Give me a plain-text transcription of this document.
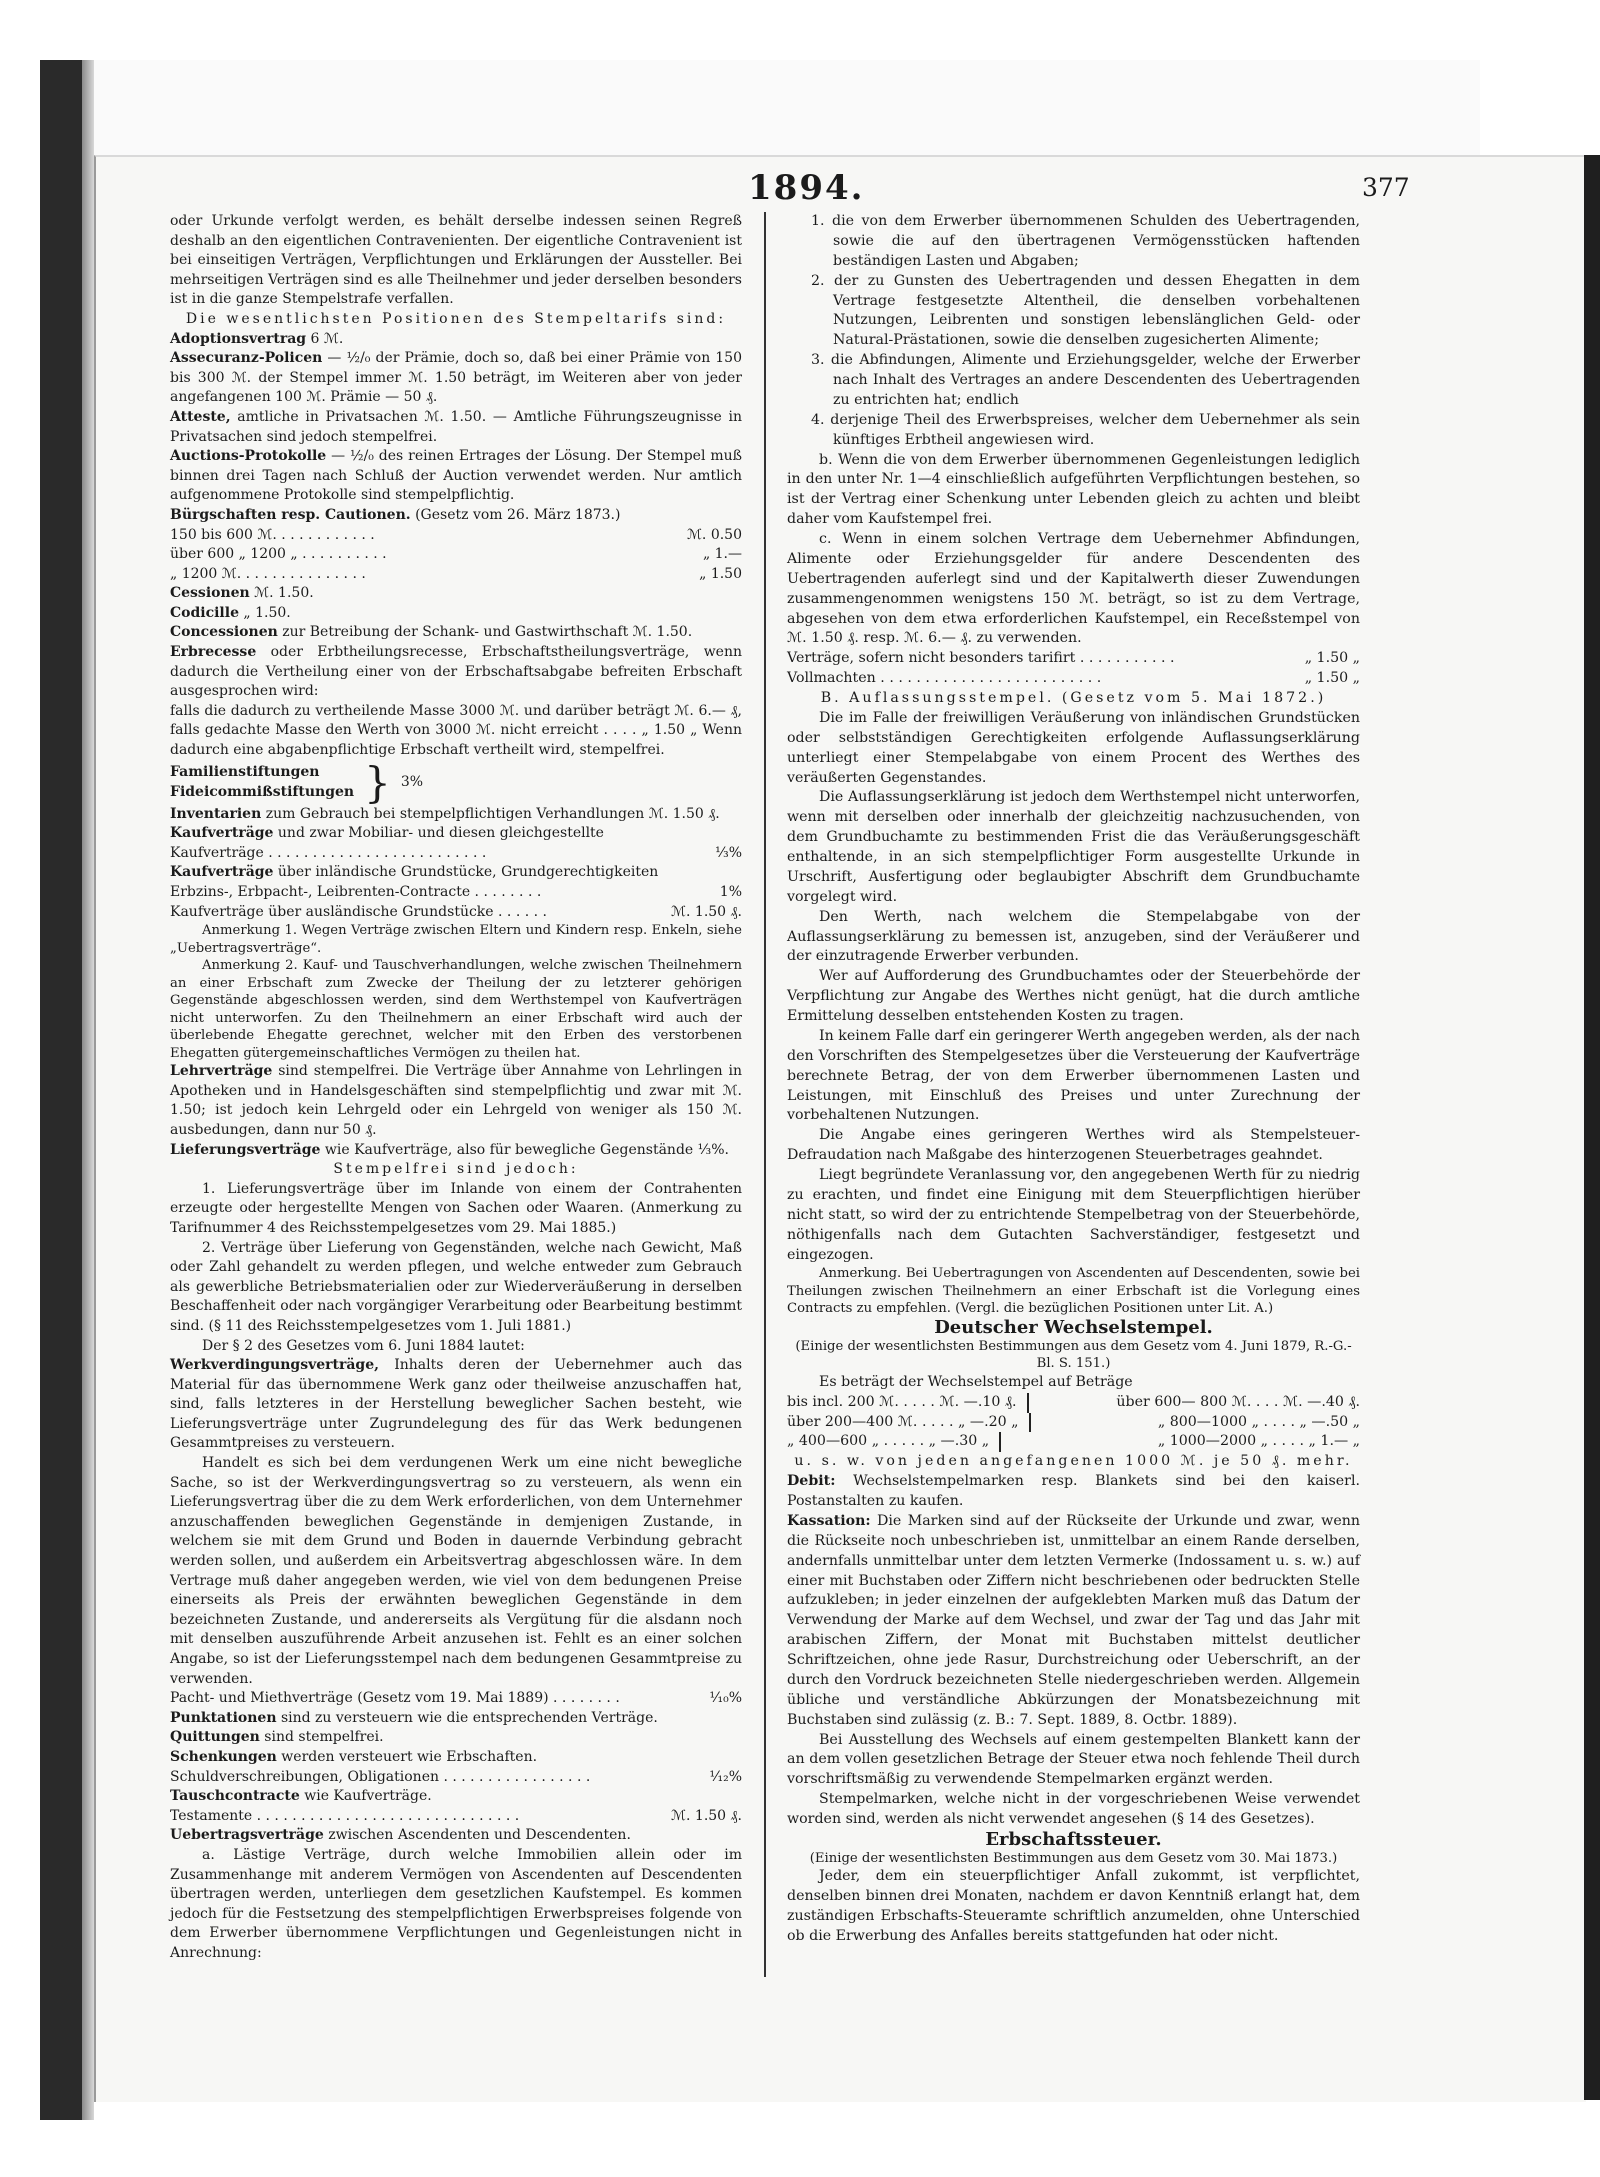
1894.	377

oder Urkunde verfolgt werden, es behält derselbe indessen seinen Regreß deshalb an den eigentlichen Contravenienten. Der eigentliche Contravenient ist bei einseitigen Verträgen, Verpflichtungen und Erklärungen der Aussteller. Bei mehrseitigen Verträgen sind es alle Theilnehmer und jeder derselben besonders ist in die ganze Stempelstrafe verfallen.

Die wesentlichsten Positionen des Stempeltarifs sind:

Adoptionsvertrag 6 ℳ.

Assecuranz-Policen — ½/₀ der Prämie, doch so, daß bei einer Prämie von 150 bis 300 ℳ. der Stempel immer ℳ. 1.50 beträgt, im Weiteren aber von jeder angefangenen 100 ℳ. Prämie — 50 ₰.

Atteste, amtliche in Privatsachen ℳ. 1.50. — Amtliche Führungszeugnisse in Privatsachen sind jedoch stempelfrei.

Auctions-Protokolle — ½/₀ des reinen Ertrages der Lösung. Der Stempel muß binnen drei Tagen nach Schluß der Auction verwendet werden. Nur amtlich aufgenommene Protokolle sind stempelpflichtig.

Bürgschaften resp. Cautionen. (Gesetz vom 26. März 1873.)

150 bis 600 ℳ. . . . . . . . . . . .	ℳ. 0.50
über 600 „ 1200 „ . . . . . . . . . .	„ 1.—
„ 1200 ℳ. . . . . . . . . . . . . . .	„ 1.50

Cessionen ℳ. 1.50.

Codicille „ 1.50.

Concessionen zur Betreibung der Schank- und Gastwirthschaft ℳ. 1.50.

Erbrecesse oder Erbtheilungsrecesse, Erbschaftstheilungsverträge, wenn dadurch die Vertheilung einer von der Erbschaftsabgabe befreiten Erbschaft ausgesprochen wird:

falls die dadurch zu vertheilende Masse 3000 ℳ. und darüber beträgt ℳ. 6.— ₰, falls gedachte Masse den Werth von 3000 ℳ. nicht erreicht . . . . „ 1.50 „ Wenn dadurch eine abgabenpflichtige Erbschaft vertheilt wird, stempelfrei.

Familienstiftungen
Fideicommißstiftungen } 3%

Inventarien zum Gebrauch bei stempelpflichtigen Verhandlungen ℳ. 1.50 ₰.

Kaufverträge und zwar Mobiliar- und diesen gleichgestellte

Kaufverträge . . . . . . . . . . . . . . . . . . . . . . . . .	⅓%

Kaufverträge über inländische Grundstücke, Grundgerechtigkeiten

Erbzins-, Erbpacht-, Leibrenten-Contracte . . . . . . . .	1%
Kaufverträge über ausländische Grundstücke . . . . . .	ℳ. 1.50 ₰.

Anmerkung 1. Wegen Verträge zwischen Eltern und Kindern resp. Enkeln, siehe „Uebertragsverträge“.

Anmerkung 2. Kauf- und Tauschverhandlungen, welche zwischen Theilnehmern an einer Erbschaft zum Zwecke der Theilung der zu letzterer gehörigen Gegenstände abgeschlossen werden, sind dem Werthstempel von Kaufverträgen nicht unterworfen. Zu den Theilnehmern an einer Erbschaft wird auch der überlebende Ehegatte gerechnet, welcher mit den Erben des verstorbenen Ehegatten gütergemeinschaftliches Vermögen zu theilen hat.

Lehrverträge sind stempelfrei. Die Verträge über Annahme von Lehrlingen in Apotheken und in Handelsgeschäften sind stempelpflichtig und zwar mit ℳ. 1.50; ist jedoch kein Lehrgeld oder ein Lehrgeld von weniger als 150 ℳ. ausbedungen, dann nur 50 ₰.

Lieferungsverträge wie Kaufverträge, also für bewegliche Gegenstände ⅓%.

Stempelfrei sind jedoch:

1. Lieferungsverträge über im Inlande von einem der Contrahenten erzeugte oder hergestellte Mengen von Sachen oder Waaren. (Anmerkung zu Tarifnummer 4 des Reichsstempelgesetzes vom 29. Mai 1885.)

2. Verträge über Lieferung von Gegenständen, welche nach Gewicht, Maß oder Zahl gehandelt zu werden pflegen, und welche entweder zum Gebrauch als gewerbliche Betriebsmaterialien oder zur Wiederveräußerung in derselben Beschaffenheit oder nach vorgängiger Verarbeitung oder Bearbeitung bestimmt sind. (§ 11 des Reichsstempelgesetzes vom 1. Juli 1881.)

Der § 2 des Gesetzes vom 6. Juni 1884 lautet:

Werkverdingungsverträge, Inhalts deren der Uebernehmer auch das Material für das übernommene Werk ganz oder theilweise anzuschaffen hat, sind, falls letzteres in der Herstellung beweglicher Sachen besteht, wie Lieferungsverträge unter Zugrundelegung des für das Werk bedungenen Gesammtpreises zu versteuern.

Handelt es sich bei dem verdungenen Werk um eine nicht bewegliche Sache, so ist der Werkverdingungsvertrag so zu versteuern, als wenn ein Lieferungsvertrag über die zu dem Werk erforderlichen, von dem Unternehmer anzuschaffenden beweglichen Gegenstände in demjenigen Zustande, in welchem sie mit dem Grund und Boden in dauernde Verbindung gebracht werden sollen, und außerdem ein Arbeitsvertrag abgeschlossen wäre. In dem Vertrage muß daher angegeben werden, wie viel von dem bedungenen Preise einerseits als Preis der erwähnten beweglichen Gegenstände in dem bezeichneten Zustande, und andererseits als Vergütung für die alsdann noch mit denselben auszuführende Arbeit anzusehen ist. Fehlt es an einer solchen Angabe, so ist der Lieferungsstempel nach dem bedungenen Gesammtpreise zu verwenden.

Pacht- und Miethverträge (Gesetz vom 19. Mai 1889) . . . . . . . .	¹⁄₁₀%

Punktationen sind zu versteuern wie die entsprechenden Verträge.

Quittungen sind stempelfrei.

Schenkungen werden versteuert wie Erbschaften.

Schuldverschreibungen, Obligationen . . . . . . . . . . . . . . . . .	¹⁄₁₂%

Tauschcontracte wie Kaufverträge.

Testamente . . . . . . . . . . . . . . . . . . . . . . . . . . . . . .	ℳ. 1.50 ₰.

Uebertragsverträge zwischen Ascendenten und Descendenten.

a. Lästige Verträge, durch welche Immobilien allein oder im Zusammenhange mit anderem Vermögen von Ascendenten auf Descendenten übertragen werden, unterliegen dem gesetzlichen Kaufstempel. Es kommen jedoch für die Festsetzung des stempelpflichtigen Erwerbspreises folgende von dem Erwerber übernommene Verpflichtungen und Gegenleistungen nicht in Anrechnung:

1. die von dem Erwerber übernommenen Schulden des Uebertragenden, sowie die auf den übertragenen Vermögensstücken haftenden beständigen Lasten und Abgaben;

2. der zu Gunsten des Uebertragenden und dessen Ehegatten in dem Vertrage festgesetzte Altentheil, die denselben vorbehaltenen Nutzungen, Leibrenten und sonstigen lebenslänglichen Geld- oder Natural-Prästationen, sowie die denselben zugesicherten Alimente;

3. die Abfindungen, Alimente und Erziehungsgelder, welche der Erwerber nach Inhalt des Vertrages an andere Descendenten des Uebertragenden zu entrichten hat; endlich

4. derjenige Theil des Erwerbspreises, welcher dem Uebernehmer als sein künftiges Erbtheil angewiesen wird.

b. Wenn die von dem Erwerber übernommenen Gegenleistungen lediglich in den unter Nr. 1—4 einschließlich aufgeführten Verpflichtungen bestehen, so ist der Vertrag einer Schenkung unter Lebenden gleich zu achten und bleibt daher vom Kaufstempel frei.

c. Wenn in einem solchen Vertrage dem Uebernehmer Abfindungen, Alimente oder Erziehungsgelder für andere Descendenten des Uebertragenden auferlegt sind und der Kapitalwerth dieser Zuwendungen zusammengenommen wenigstens 150 ℳ. beträgt, so ist zu dem Vertrage, abgesehen von dem etwa erforderlichen Kaufstempel, ein Receßstempel von ℳ. 1.50 ₰. resp. ℳ. 6.— ₰. zu verwenden.

Verträge, sofern nicht besonders tarifirt . . . . . . . . . . .	„ 1.50 „
Vollmachten . . . . . . . . . . . . . . . . . . . . . . . . .	„ 1.50 „

B. Auflassungsstempel. (Gesetz vom 5. Mai 1872.)

Die im Falle der freiwilligen Veräußerung von inländischen Grundstücken oder selbstständigen Gerechtigkeiten erfolgende Auflassungserklärung unterliegt einer Stempelabgabe von einem Procent des Werthes des veräußerten Gegenstandes.

Die Auflassungserklärung ist jedoch dem Werthstempel nicht unterworfen, wenn mit derselben oder innerhalb der gleichzeitig nachzusuchenden, von dem Grundbuchamte zu bestimmenden Frist die das Veräußerungsgeschäft enthaltende, in an sich stempelpflichtiger Form ausgestellte Urkunde in Urschrift, Ausfertigung oder beglaubigter Abschrift dem Grundbuchamte vorgelegt wird.

Den Werth, nach welchem die Stempelabgabe von der Auflassungserklärung zu bemessen ist, anzugeben, sind der Veräußerer und der einzutragende Erwerber verbunden.

Wer auf Aufforderung des Grundbuchamtes oder der Steuerbehörde der Verpflichtung zur Angabe des Werthes nicht genügt, hat die durch amtliche Ermittelung desselben entstehenden Kosten zu tragen.

In keinem Falle darf ein geringerer Werth angegeben werden, als der nach den Vorschriften des Stempelgesetzes über die Versteuerung der Kaufverträge berechnete Betrag, der von dem Erwerber übernommenen Lasten und Leistungen, mit Einschluß des Preises und unter Zurechnung der vorbehaltenen Nutzungen.

Die Angabe eines geringeren Werthes wird als Stempelsteuer-Defraudation nach Maßgabe des hinterzogenen Steuerbetrages geahndet.

Liegt begründete Veranlassung vor, den angegebenen Werth für zu niedrig zu erachten, und findet eine Einigung mit dem Steuerpflichtigen hierüber nicht statt, so wird der zu entrichtende Stempelbetrag von der Steuerbehörde, nöthigenfalls nach dem Gutachten Sachverständiger, festgesetzt und eingezogen.

Anmerkung. Bei Uebertragungen von Ascendenten auf Descendenten, sowie bei Theilungen zwischen Theilnehmern an einer Erbschaft ist die Vorlegung eines Contracts zu empfehlen. (Vergl. die bezüglichen Positionen unter Lit. A.)

Deutscher Wechselstempel.

(Einige der wesentlichsten Bestimmungen aus dem Gesetz vom 4. Juni 1879, R.-G.-Bl. S. 151.)

Es beträgt der Wechselstempel auf Beträge

bis incl. 200 ℳ. . . . . ℳ. —.10 ₰.	über 600— 800 ℳ. . . . ℳ. —.40 ₰.
über 200—400 ℳ. . . . . „ —.20 „	„ 800—1000 „ . . . . „ —.50 „
„ 400—600 „ . . . . . „ —.30 „	„ 1000—2000 „ . . . . „ 1.— „

u. s. w. von jeden angefangenen 1000 ℳ. je 50 ₰. mehr.

Debit: Wechselstempelmarken resp. Blankets sind bei den kaiserl. Postanstalten zu kaufen.

Kassation: Die Marken sind auf der Rückseite der Urkunde und zwar, wenn die Rückseite noch unbeschrieben ist, unmittelbar an einem Rande derselben, andernfalls unmittelbar unter dem letzten Vermerke (Indossament u. s. w.) auf einer mit Buchstaben oder Ziffern nicht beschriebenen oder bedruckten Stelle aufzukleben; in jeder einzelnen der aufgeklebten Marken muß das Datum der Verwendung der Marke auf dem Wechsel, und zwar der Tag und das Jahr mit arabischen Ziffern, der Monat mit Buchstaben mittelst deutlicher Schriftzeichen, ohne jede Rasur, Durchstreichung oder Ueberschrift, an der durch den Vordruck bezeichneten Stelle niedergeschrieben werden. Allgemein übliche und verständliche Abkürzungen der Monatsbezeichnung mit Buchstaben sind zulässig (z. B.: 7. Sept. 1889, 8. Octbr. 1889).

Bei Ausstellung des Wechsels auf einem gestempelten Blankett kann der an dem vollen gesetzlichen Betrage der Steuer etwa noch fehlende Theil durch vorschriftsmäßig zu verwendende Stempelmarken ergänzt werden.

Stempelmarken, welche nicht in der vorgeschriebenen Weise verwendet worden sind, werden als nicht verwendet angesehen (§ 14 des Gesetzes).

Erbschaftssteuer.

(Einige der wesentlichsten Bestimmungen aus dem Gesetz vom 30. Mai 1873.)

Jeder, dem ein steuerpflichtiger Anfall zukommt, ist verpflichtet, denselben binnen drei Monaten, nachdem er davon Kenntniß erlangt hat, dem zuständigen Erbschafts-Steueramte schriftlich anzumelden, ohne Unterschied ob die Erwerbung des Anfalles bereits stattgefunden hat oder nicht.
